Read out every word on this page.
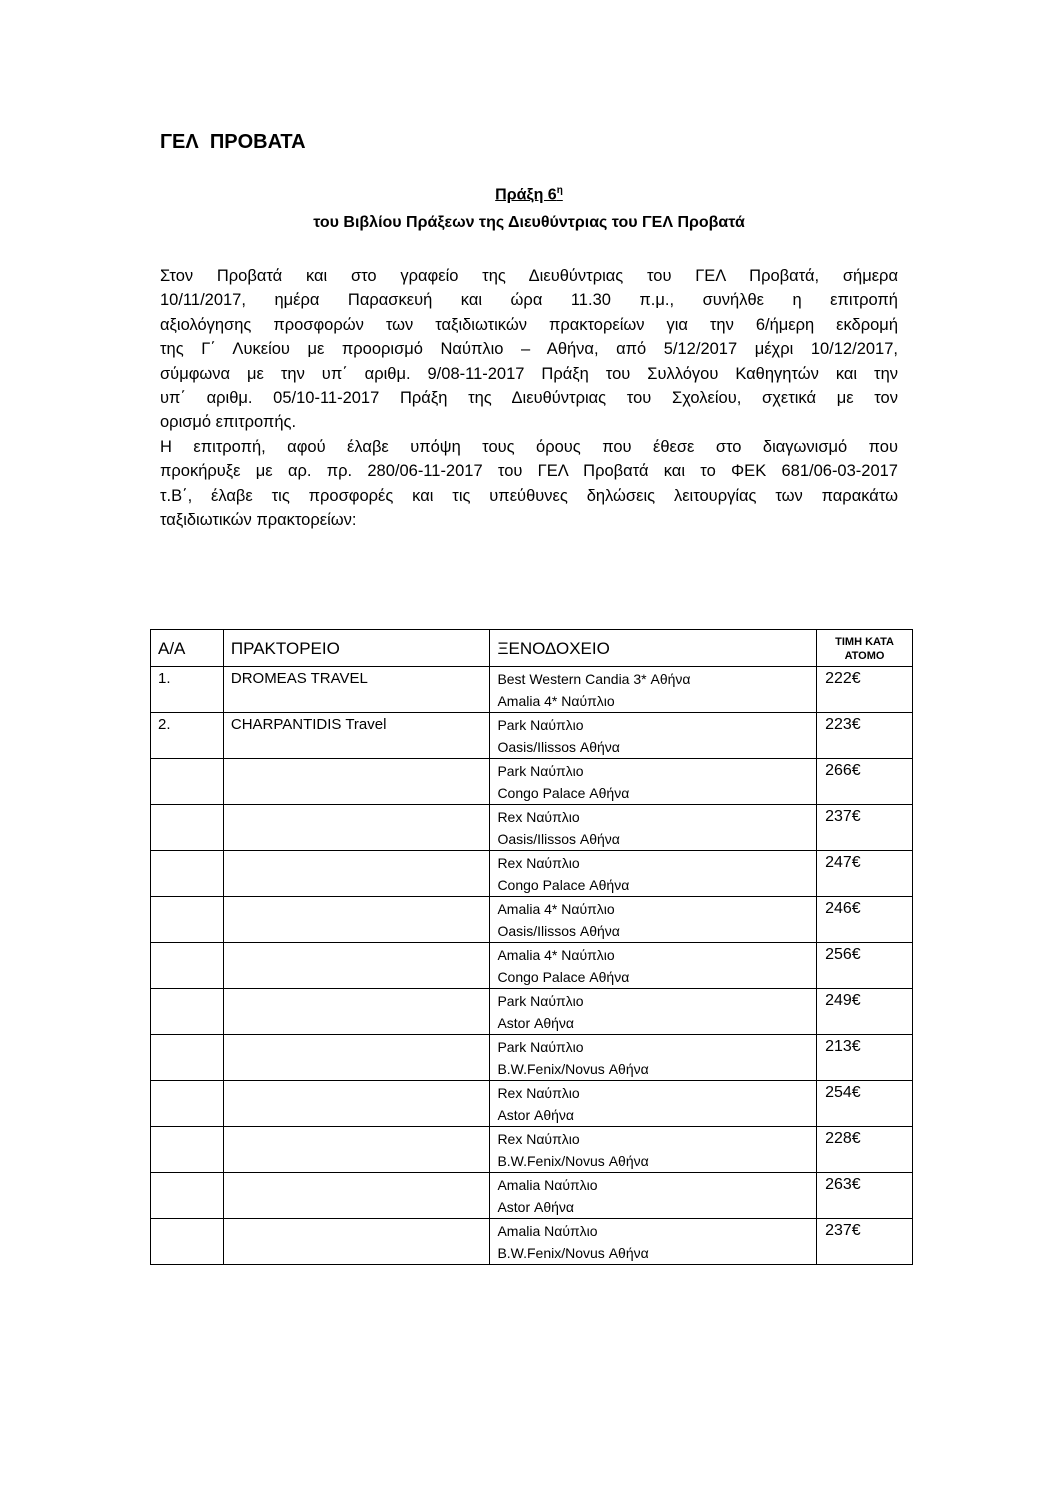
ΓΕΛ  ΠΡΟΒΑΤΑ
Πράξη $6^\eta$
του Βιβλίου Πράξεων της Διευθύντριας του ΓΕΛ Προβατά
Στον Προβατά και στο γραφείο της Διευθύντριας του ΓΕΛ Προβατά, σήμερα
10/11/2017, ημέρα Παρασκευή και ώρα 11.30 π.μ., συνήλθε η επιτροπή
αξιολόγησης προσφορών των ταξιδιωτικών πρακτορείων για την 6/ήμερη εκδρομή
της Γ΄ Λυκείου με προορισμό Ναύπλιο – Αθήνα, από 5/12/2017 μέχρι 10/12/2017,
σύμφωνα με την υπ΄ αριθμ. 9/08-11-2017 Πράξη του Συλλόγου Καθηγητών και την
υπ΄ αριθμ. 05/10-11-2017 Πράξη της Διευθύντριας του Σχολείου, σχετικά με τον
ορισμό επιτροπής.
Η επιτροπή, αφού έλαβε υπόψη τους όρους που έθεσε στο διαγωνισμό που
προκήρυξε με αρ. πρ. 280/06-11-2017 του ΓΕΛ Προβατά και το ΦΕΚ 681/06-03-2017
τ.Β΄, έλαβε τις προσφορές και τις υπεύθυνες δηλώσεις λειτουργίας των παρακάτω
ταξιδιωτικών πρακτορείων:
Α/Α	ΠΡΑΚΤΟΡΕΙΟ	ΞΕΝΟΔΟΧΕΙΟ	ΤΙΜΗ ΚΑΤΑ
ΑΤΟΜΟ

1.	DROMEAS TRAVEL	Best Western Candia 3* Αθήνα
Amalia 4* Ναύπλιο	222€
2.	CHARPANTIDIS Travel	Park Ναύπλιο
Oasis/Ilissos Αθήνα	223€

		Park Ναύπλιο
Congo Palace Αθήνα	266€

		Rex Ναύπλιο
Oasis/Ilissos Αθήνα	237€

		Rex Ναύπλιο
Congo Palace Αθήνα	247€

		Amalia 4* Ναύπλιο
Oasis/Ilissos Αθήνα	246€

		Amalia 4* Ναύπλιο
Congo Palace Αθήνα	256€

		Park Ναύπλιο
Astor Αθήνα	249€

		Park Ναύπλιο
B.W.Fenix/Novus Αθήνα	213€

		Rex Ναύπλιο
Astor Αθήνα	254€

		Rex Ναύπλιο
B.W.Fenix/Novus Αθήνα	228€

		Amalia Ναύπλιο
Astor Αθήνα	263€

		Amalia Ναύπλιο
B.W.Fenix/Novus Αθήνα	237€
